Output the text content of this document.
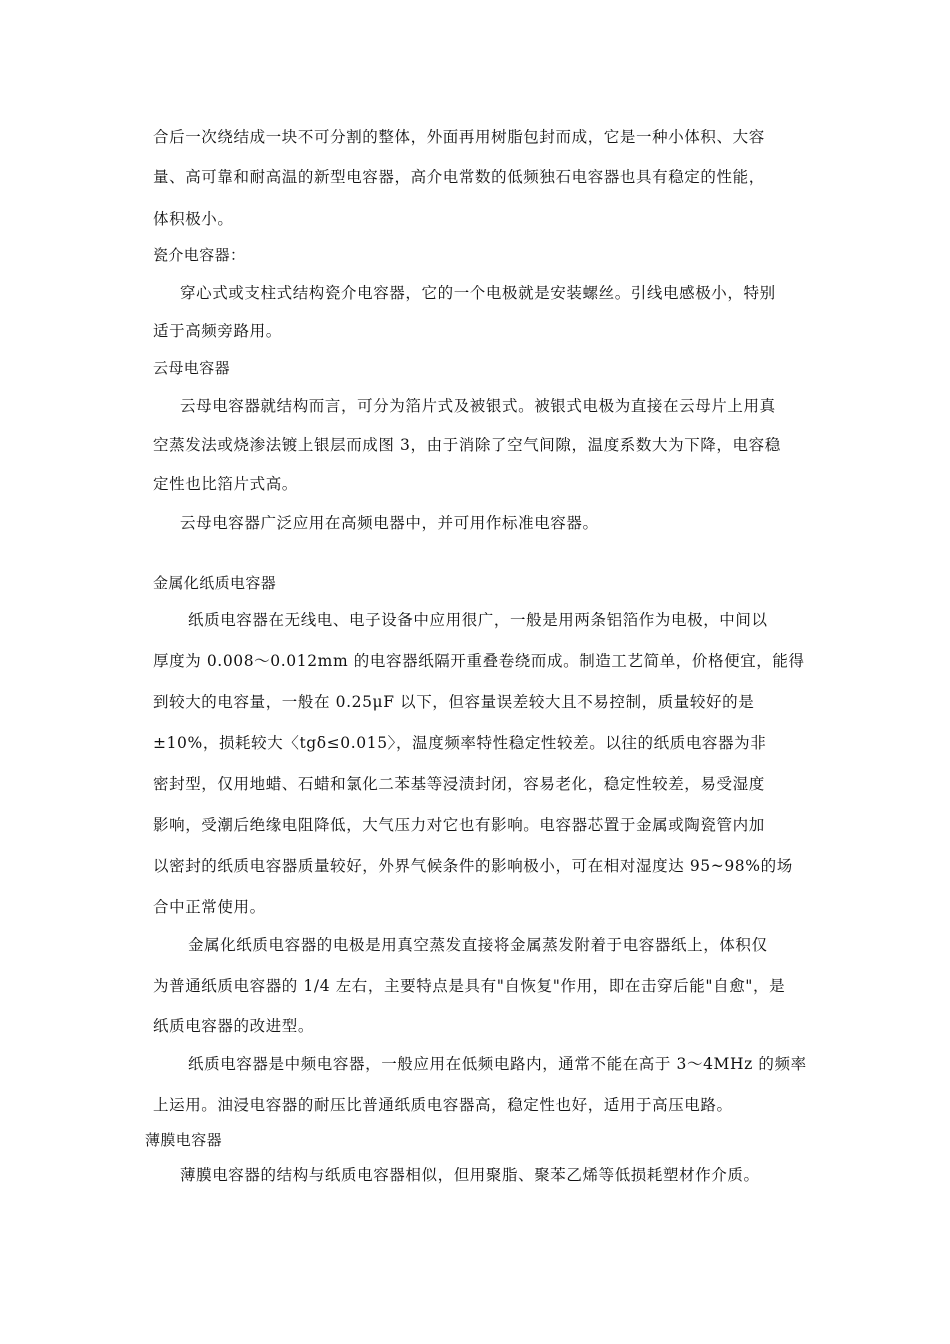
合后一次绕结成一块不可分割的整体，外面再用树脂包封而成，它是一种小体积、大容
量、高可靠和耐高温的新型电容器，高介电常数的低频独石电容器也具有稳定的性能，
体积极小。
瓷介电容器：
穿心式或支柱式结构瓷介电容器，它的一个电极就是安装螺丝。引线电感极小，特别
适于高频旁路用。
云母电容器
云母电容器就结构而言，可分为箔片式及被银式。被银式电极为直接在云母片上用真
空蒸发法或烧渗法镀上银层而成图 3，由于消除了空气间隙，温度系数大为下降，电容稳
定性也比箔片式高。
云母电容器广泛应用在高频电器中，并可用作标准电容器。
金属化纸质电容器
纸质电容器在无线电、电子设备中应用很广，一般是用两条铝箔作为电极，中间以
厚度为 0.008～0.012mm 的电容器纸隔开重叠卷绕而成。制造工艺简单，价格便宜，能得
到较大的电容量，一般在 0.25μF 以下，但容量误差较大且不易控制，质量较好的是
±10%，损耗较大〈tgδ≤0.015〉，温度频率特性稳定性较差。以往的纸质电容器为非
密封型，仅用地蜡、石蜡和氯化二苯基等浸渍封闭，容易老化，稳定性较差，易受湿度
影响，受潮后绝缘电阻降低，大气压力对它也有影响。电容器芯置于金属或陶瓷管内加
以密封的纸质电容器质量较好，外界气候条件的影响极小，可在相对湿度达 95~98%的场
合中正常使用。
金属化纸质电容器的电极是用真空蒸发直接将金属蒸发附着于电容器纸上，体积仅
为普通纸质电容器的 1/4 左右，主要特点是具有"自恢复"作用，即在击穿后能"自愈"，是
纸质电容器的改进型。
纸质电容器是中频电容器，一般应用在低频电路内，通常不能在高于 3～4MHz 的频率
上运用。油浸电容器的耐压比普通纸质电容器高，稳定性也好，适用于高压电路。
薄膜电容器
薄膜电容器的结构与纸质电容器相似，但用聚脂、聚苯乙烯等低损耗塑材作介质。
